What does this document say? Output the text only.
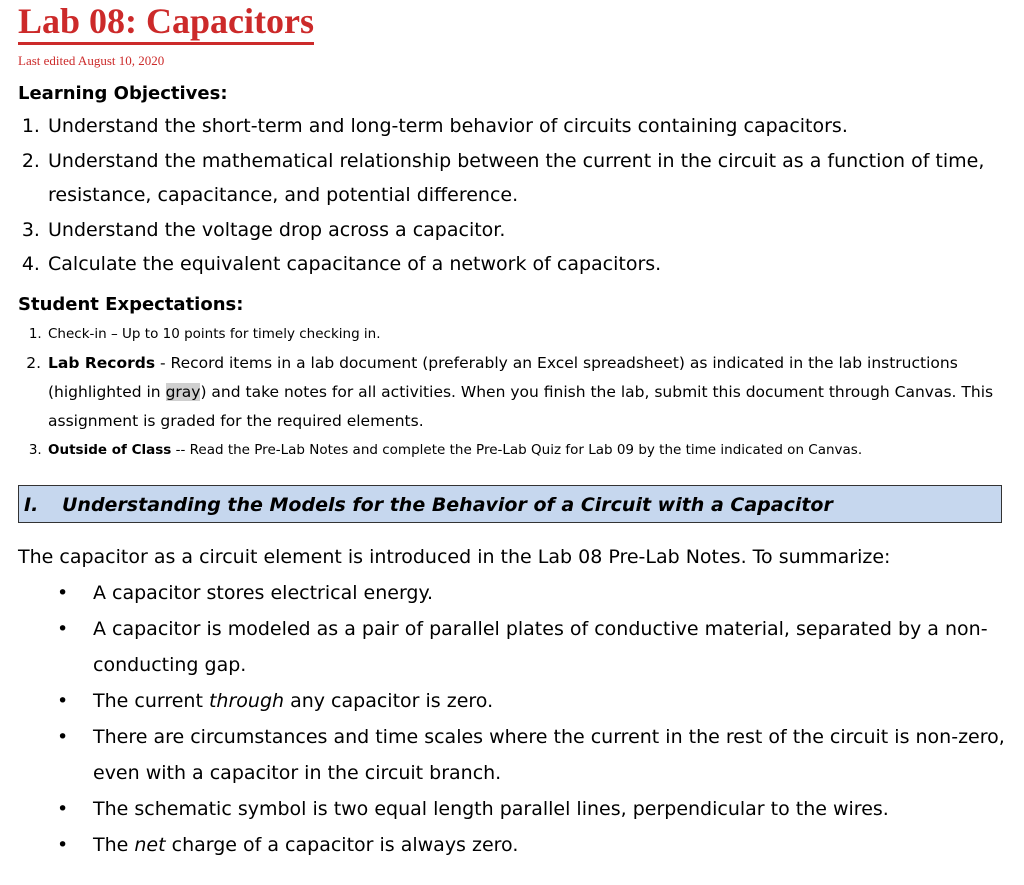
Lab 08: Capacitors
Last edited August 10, 2020
Learning Objectives:
1. Understand the short-term and long-term behavior of circuits containing capacitors.
2. Understand the mathematical relationship between the current in the circuit as a function of time, resistance, capacitance, and potential difference.
3. Understand the voltage drop across a capacitor.
4. Calculate the equivalent capacitance of a network of capacitors.
Student Expectations:
1. Check-in – Up to 10 points for timely checking in.
2. Lab Records - Record items in a lab document (preferably an Excel spreadsheet) as indicated in the lab instructions (highlighted in gray) and take notes for all activities. When you finish the lab, submit this document through Canvas. This assignment is graded for the required elements.
3. Outside of Class -- Read the Pre-Lab Notes and complete the Pre-Lab Quiz for Lab 09 by the time indicated on Canvas.
I. Understanding the Models for the Behavior of a Circuit with a Capacitor
The capacitor as a circuit element is introduced in the Lab 08 Pre-Lab Notes. To summarize:
• A capacitor stores electrical energy.
• A capacitor is modeled as a pair of parallel plates of conductive material, separated by a non-conducting gap.
• The current through any capacitor is zero.
• There are circumstances and time scales where the current in the rest of the circuit is non-zero, even with a capacitor in the circuit branch.
• The schematic symbol is two equal length parallel lines, perpendicular to the wires.
• The net charge of a capacitor is always zero.
